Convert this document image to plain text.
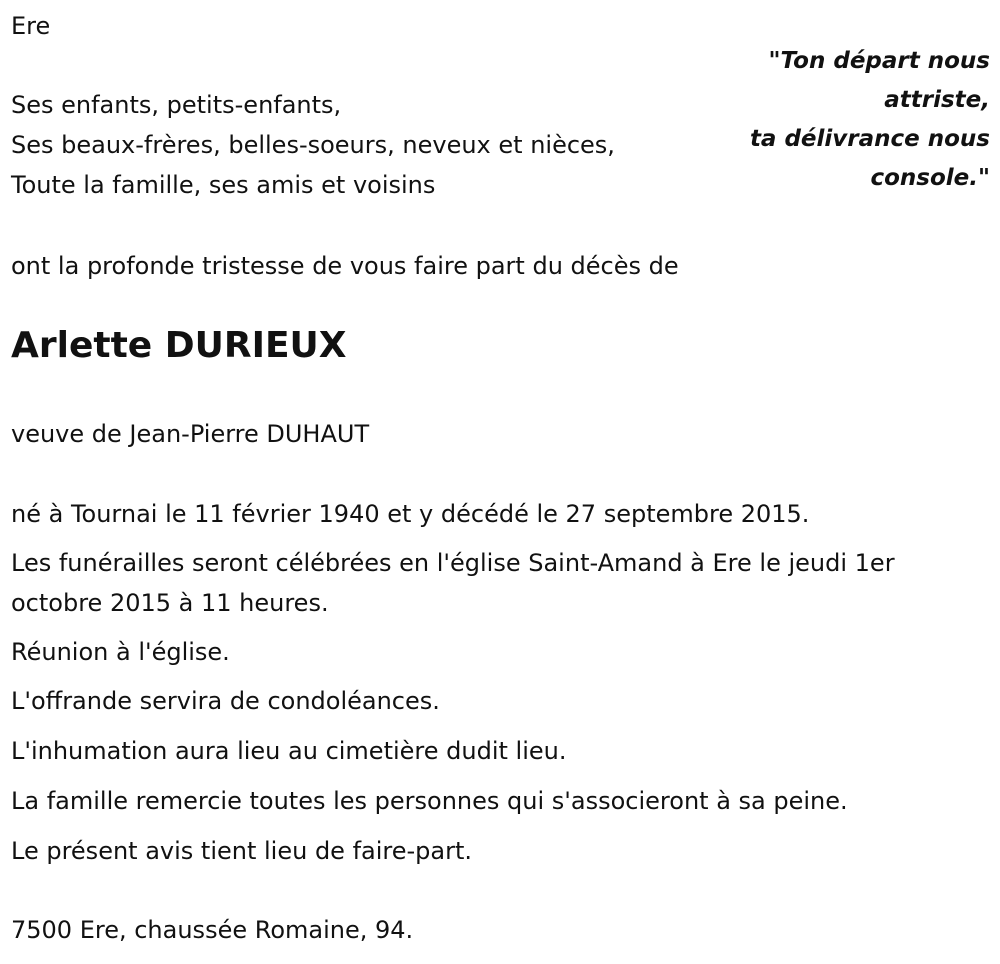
Ere

"Ton départ nous
attriste,
ta délivrance nous
console."

Ses enfants, petits-enfants,

Ses beaux-frères, belles-soeurs, neveux et nièces,

Toute la famille, ses amis et voisins

ont la profonde tristesse de vous faire part du décès de

Arlette DURIEUX

veuve de Jean-Pierre DUHAUT

né à Tournai le 11 février 1940 et y décédé le 27 septembre 2015.

Les funérailles seront célébrées en l'église Saint-Amand à Ere le jeudi 1er octobre 2015 à 11 heures.

Réunion à l'église.

L'offrande servira de condoléances.

L'inhumation aura lieu au cimetière dudit lieu.

La famille remercie toutes les personnes qui s'associeront à sa peine.

Le présent avis tient lieu de faire-part.

7500 Ere, chaussée Romaine, 94.
